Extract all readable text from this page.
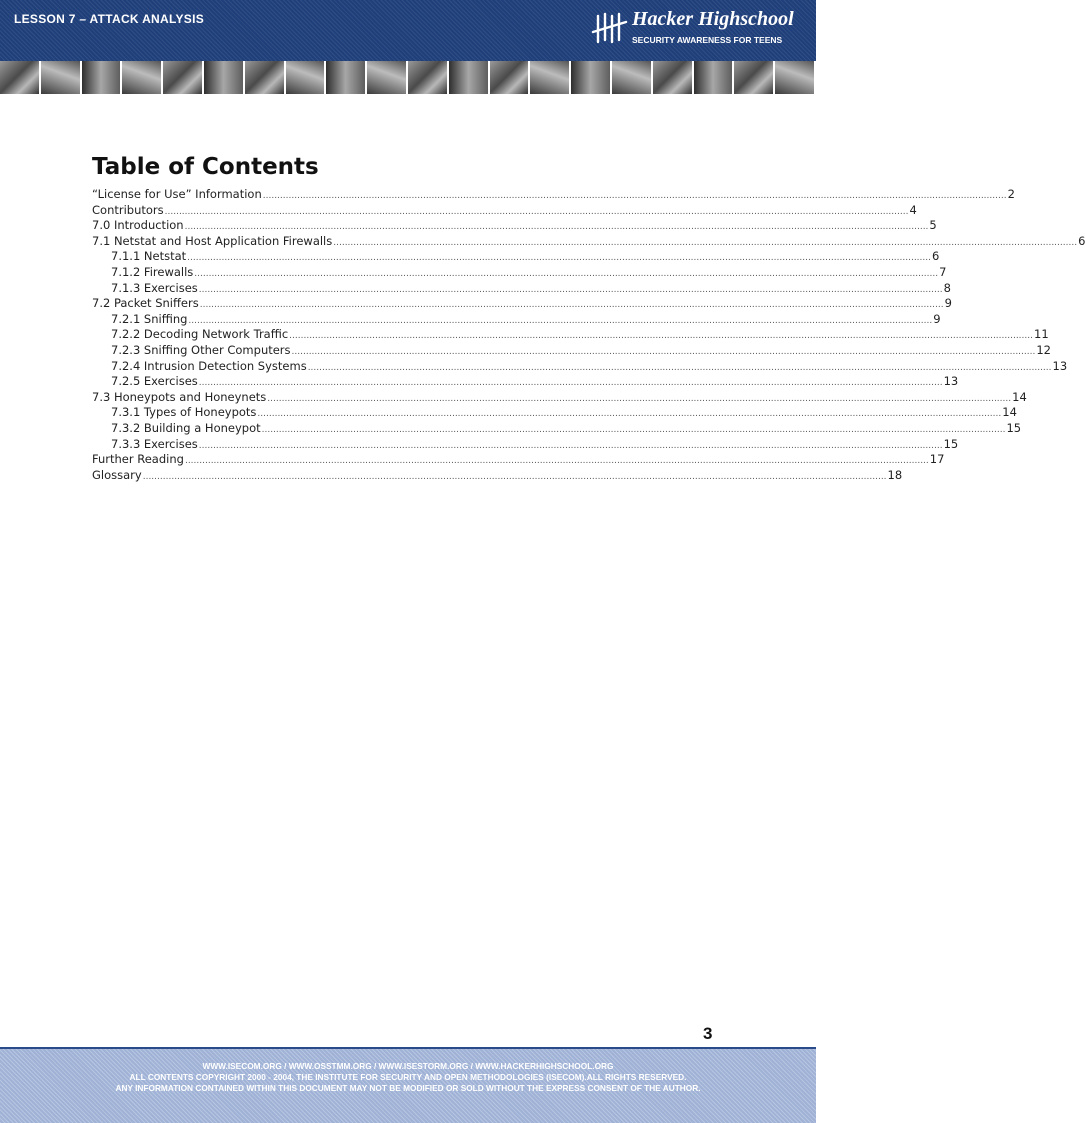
LESSON 7 – ATTACK ANALYSIS	Hacker Highschool
SECURITY AWARENESS FOR TEENS
Table of Contents
“License for Use” Information .................................................................................................................................................................................................................................................................... 2
Contributors .................................................................................................................................................................................................................................................................... 4
7.0 Introduction .................................................................................................................................................................................................................................................................... 5
7.1 Netstat and Host Application Firewalls .................................................................................................................................................................................................................................................................... 6
7.1.1 Netstat .................................................................................................................................................................................................................................................................... 6
7.1.2 Firewalls .................................................................................................................................................................................................................................................................... 7
7.1.3 Exercises .................................................................................................................................................................................................................................................................... 8
7.2 Packet Sniffers .................................................................................................................................................................................................................................................................... 9
7.2.1 Sniffing .................................................................................................................................................................................................................................................................... 9
7.2.2 Decoding Network Traffic .................................................................................................................................................................................................................................................................... 11
7.2.3 Sniffing Other Computers .................................................................................................................................................................................................................................................................... 12
7.2.4 Intrusion Detection Systems .................................................................................................................................................................................................................................................................... 13
7.2.5 Exercises .................................................................................................................................................................................................................................................................... 13
7.3 Honeypots and Honeynets .................................................................................................................................................................................................................................................................... 14
7.3.1 Types of Honeypots .................................................................................................................................................................................................................................................................... 14
7.3.2 Building a Honeypot .................................................................................................................................................................................................................................................................... 15
7.3.3 Exercises .................................................................................................................................................................................................................................................................... 15
Further Reading .................................................................................................................................................................................................................................................................... 17
Glossary .................................................................................................................................................................................................................................................................... 18
3
WWW.ISECOM.ORG / WWW.OSSTMM.ORG / WWW.ISESTORM.ORG / WWW.HACKERHIGHSCHOOL.ORG
ALL CONTENTS COPYRIGHT 2000 - 2004, THE INSTITUTE FOR SECURITY AND OPEN METHODOLOGIES (ISECOM).ALL RIGHTS RESERVED.
ANY INFORMATION CONTAINED WITHIN THIS DOCUMENT MAY NOT BE MODIFIED OR SOLD WITHOUT THE EXPRESS CONSENT OF THE AUTHOR.
